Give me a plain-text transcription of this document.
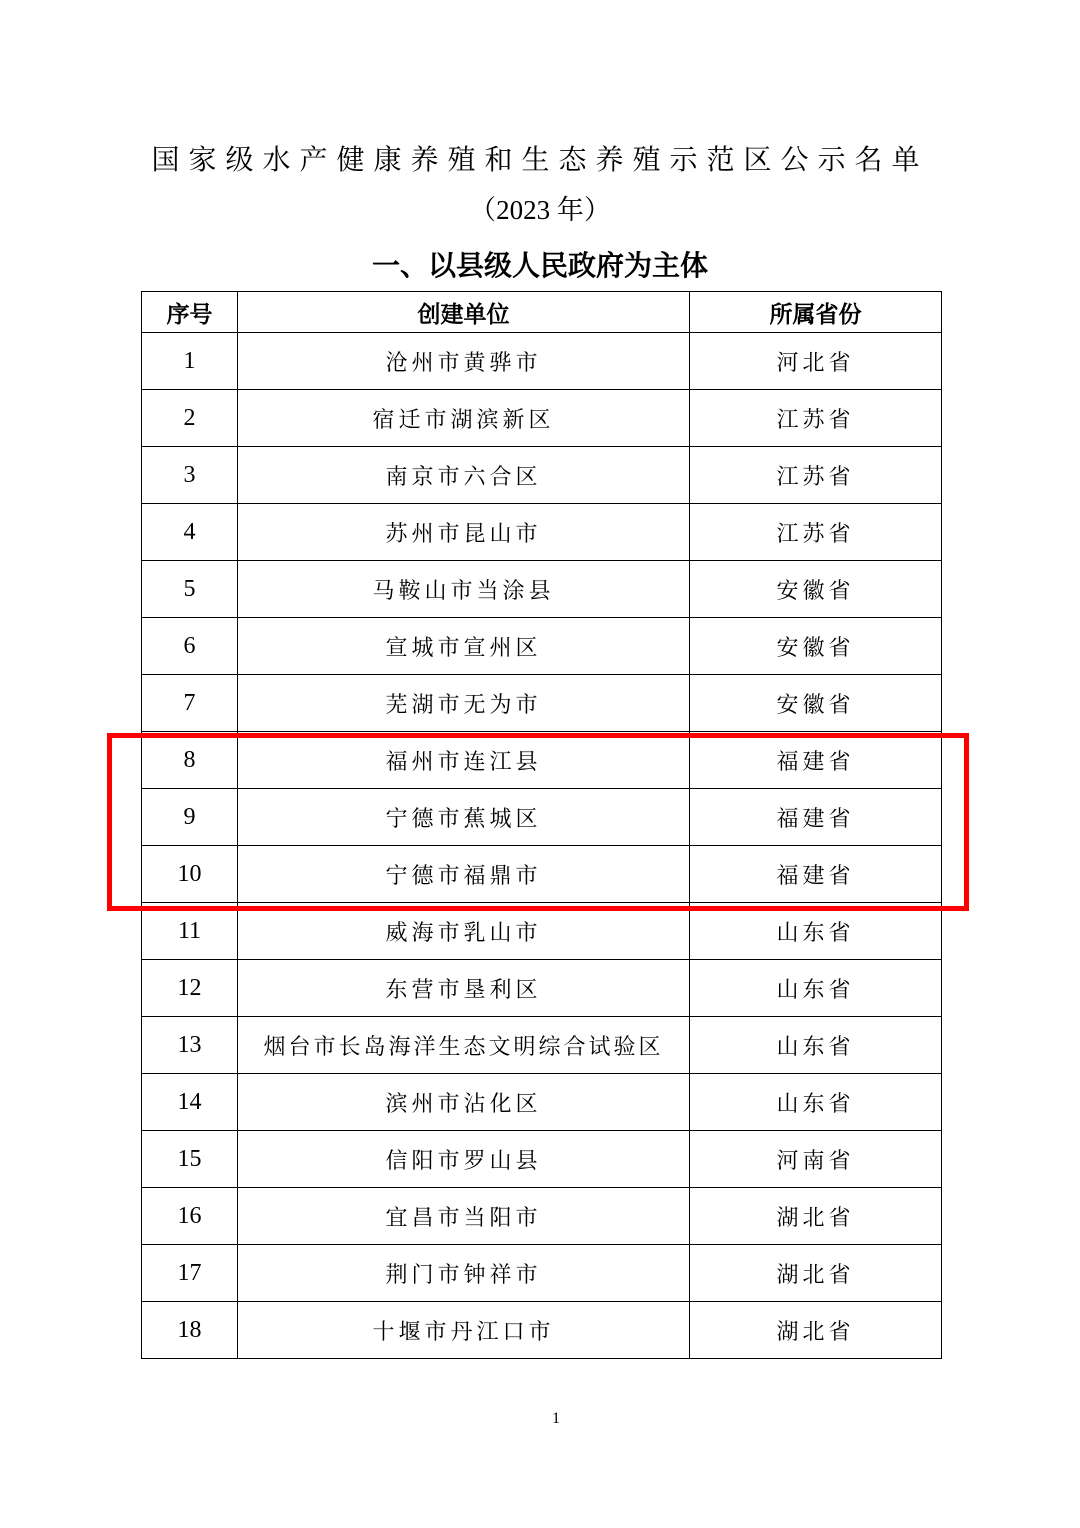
国家级水产健康养殖和生态养殖示范区公示名单
（2023 年）
一、以县级人民政府为主体
序号	创建单位	所属省份
1	沧州市黄骅市	河北省
2	宿迁市湖滨新区	江苏省
3	南京市六合区	江苏省
4	苏州市昆山市	江苏省
5	马鞍山市当涂县	安徽省
6	宣城市宣州区	安徽省
7	芜湖市无为市	安徽省
8	福州市连江县	福建省
9	宁德市蕉城区	福建省
10	宁德市福鼎市	福建省
11	威海市乳山市	山东省
12	东营市垦利区	山东省
13	烟台市长岛海洋生态文明综合试验区	山东省
14	滨州市沾化区	山东省
15	信阳市罗山县	河南省
16	宜昌市当阳市	湖北省
17	荆门市钟祥市	湖北省
18	十堰市丹江口市	湖北省
1
